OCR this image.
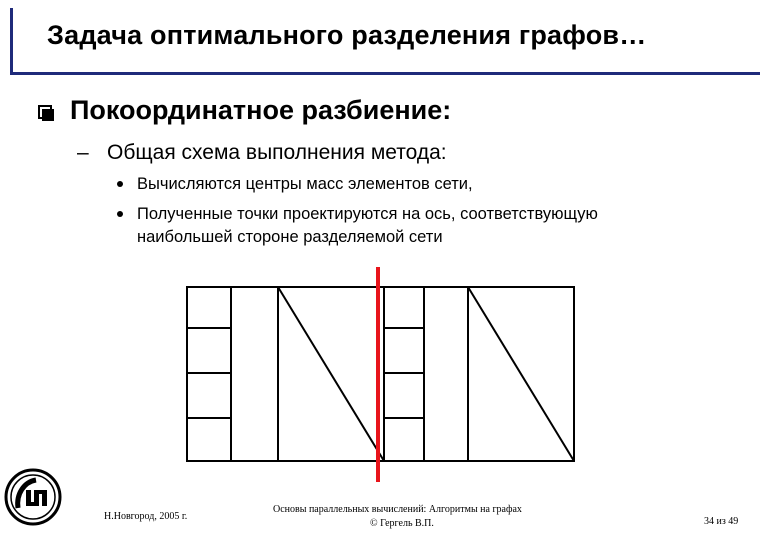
Задача оптимального разделения графов…
Покоординатное разбиение:
– Общая схема выполнения метода:
Вычисляются центры масс элементов сети,
Полученные точки проектируются на ось, соответствующую
наибольшей стороне разделяемой сети
Н.Новгород, 2005 г.
Основы параллельных вычислений: Алгоритмы на графах
© Гергель В.П.	34 из 49
